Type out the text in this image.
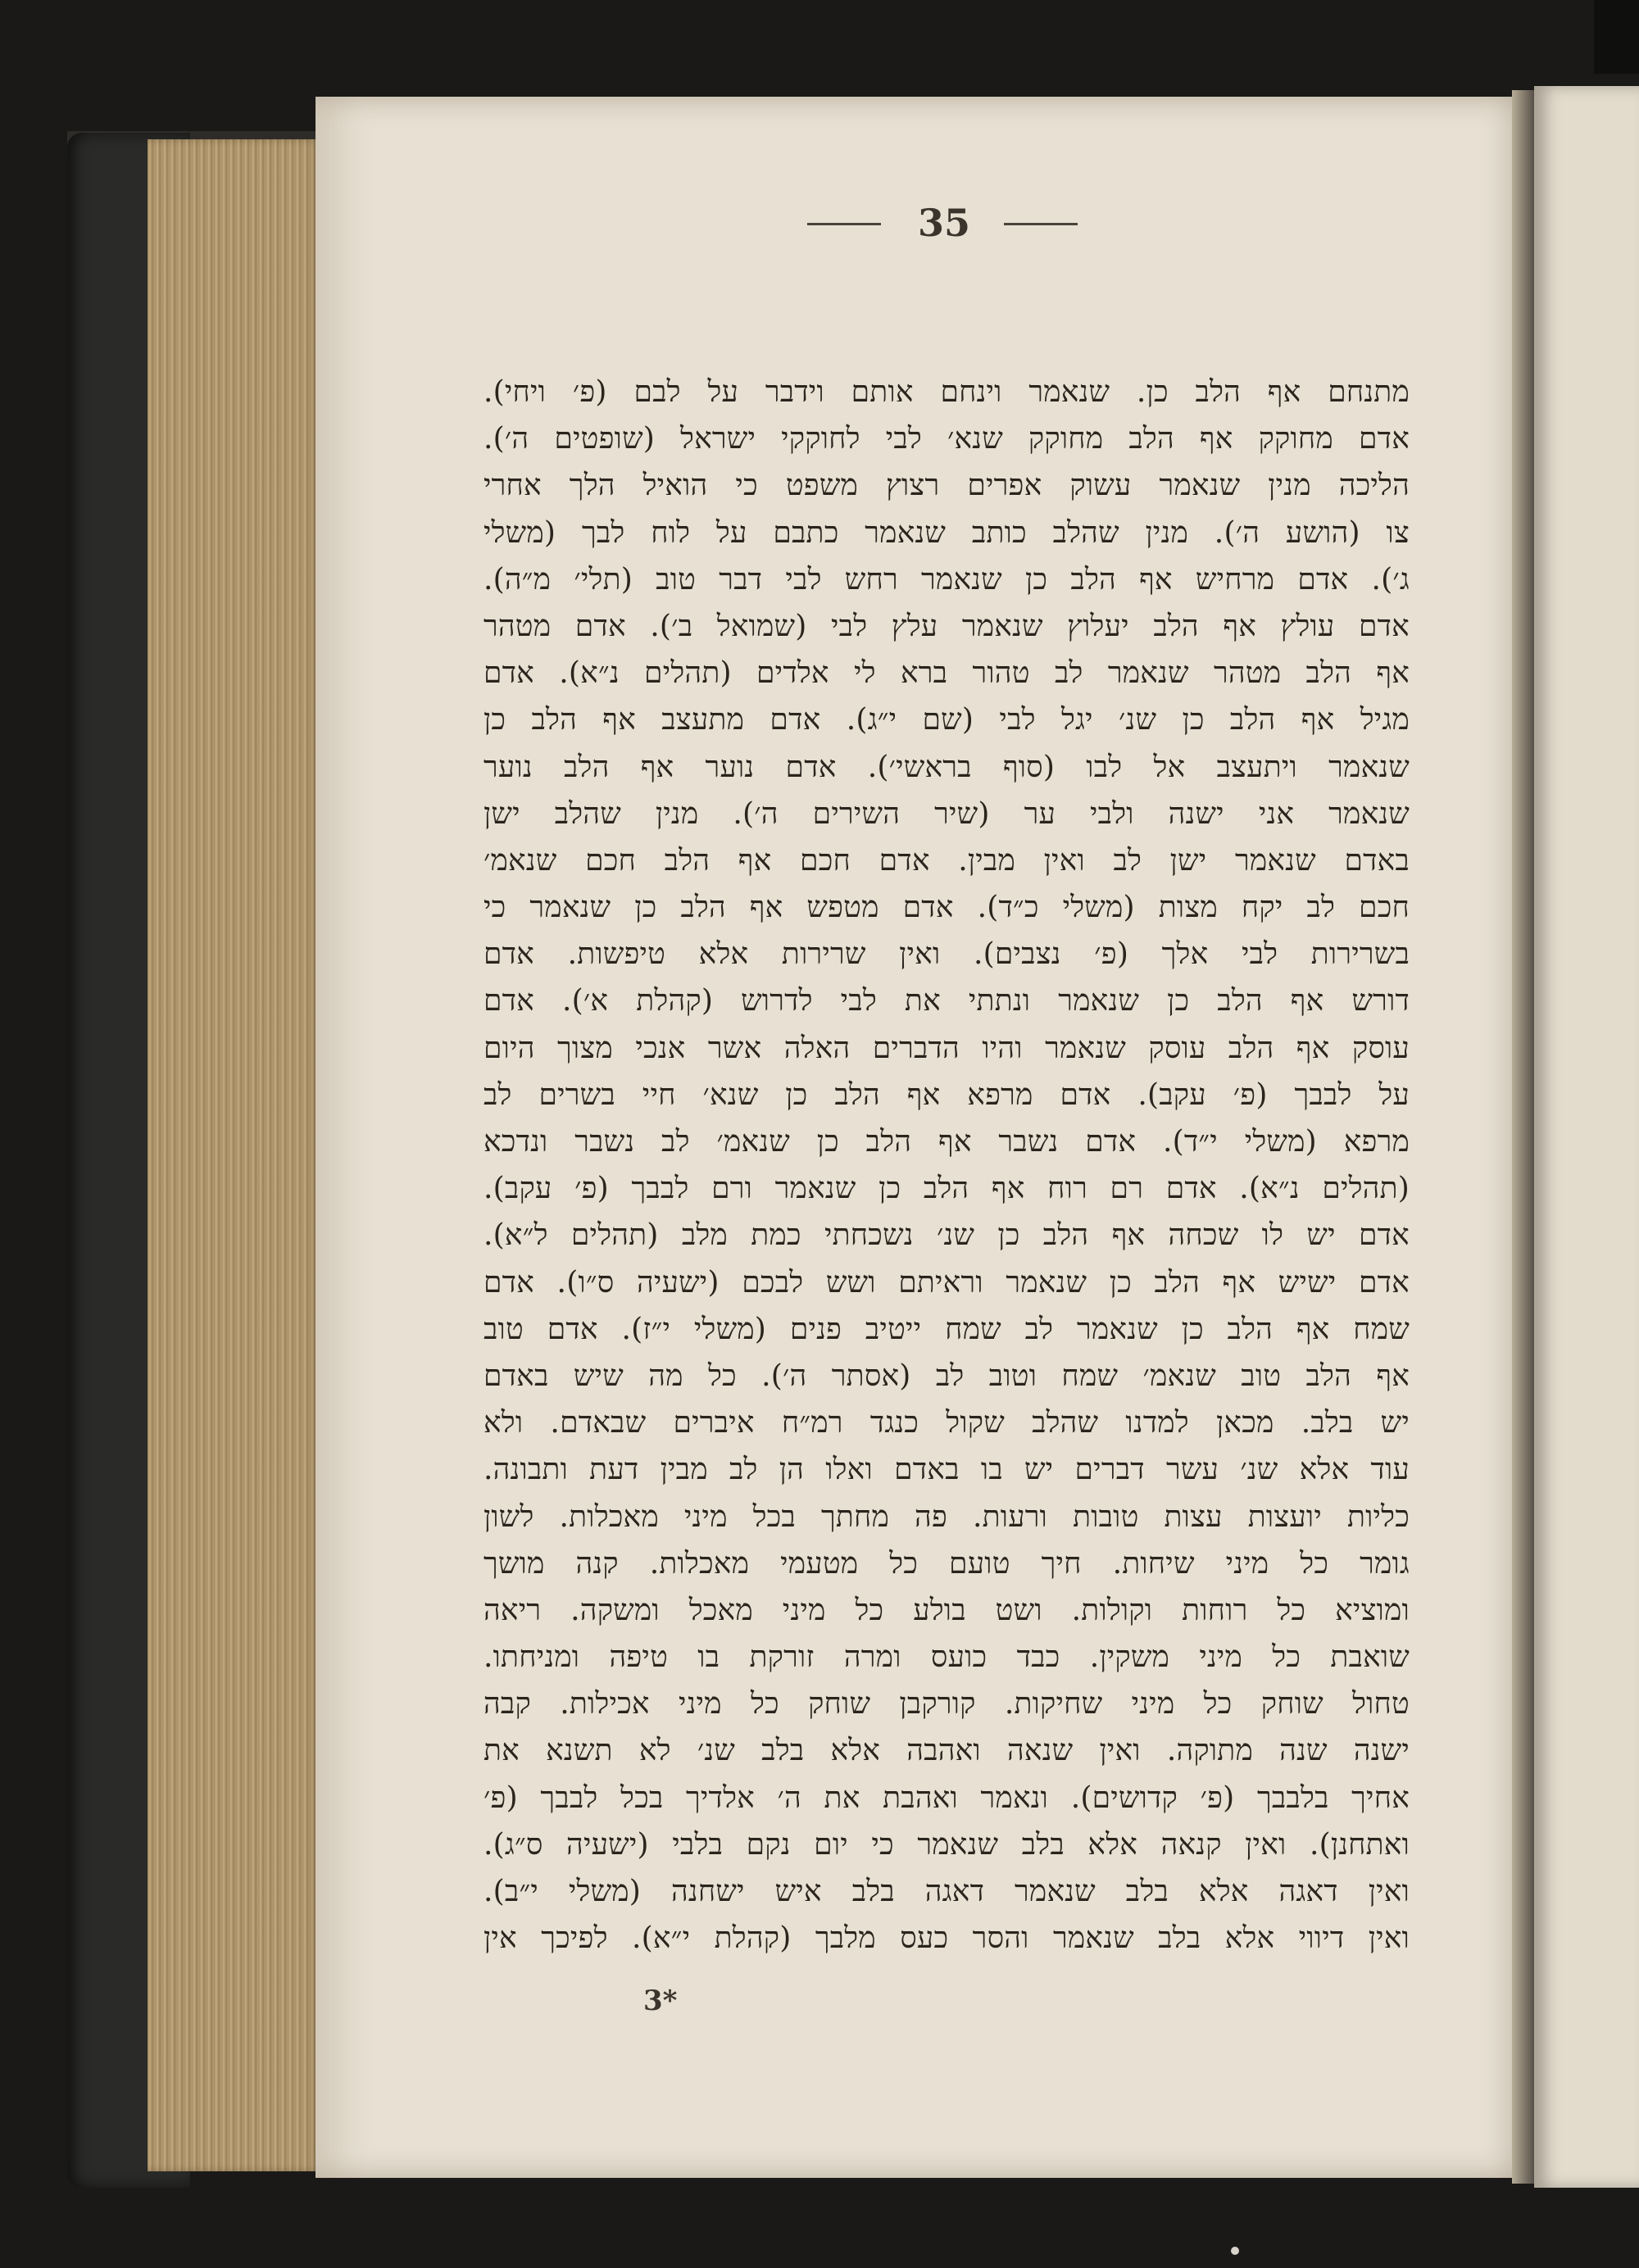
35
מתנחם אף הלב כן. שנאמר וינחם אותם וידבר על לבם (פ׳ ויחי).
אדם מחוקק אף הלב מחוקק שנא׳ לבי לחוקקי ישראל (שופטים ה׳).
הליכה מנין שנאמר עשוק אפרים רצוץ משפט כי הואיל הלך אחרי
צו (הושע ה׳). מנין שהלב כותב שנאמר כתבם על לוח לבך (משלי
ג׳). אדם מרחיש אף הלב כן שנאמר רחש לבי דבר טוב (תלי׳ מ״ה).
אדם עולץ אף הלב יעלוץ שנאמר עלץ לבי (שמואל ב׳). אדם מטהר
אף הלב מטהר שנאמר לב טהור ברא לי אלדים (תהלים נ״א). אדם
מגיל אף הלב כן שנ׳ יגל לבי (שם י״ג). אדם מתעצב אף הלב כן
שנאמר ויתעצב אל לבו (סוף בראשי׳). אדם נוער אף הלב נוער
שנאמר אני ישנה ולבי ער (שיר השירים ה׳). מנין שהלב ישן
באדם שנאמר ישן לב ואין מבין. אדם חכם אף הלב חכם שנאמ׳
חכם לב יקח מצות (משלי כ״ד). אדם מטפש אף הלב כן שנאמר כי
בשרירות לבי אלך (פ׳ נצבים). ואין שרירות אלא טיפשות. אדם
דורש אף הלב כן שנאמר ונתתי את לבי לדרוש (קהלת א׳). אדם
עוסק אף הלב עוסק שנאמר והיו הדברים האלה אשר אנכי מצוך היום
על לבבך (פ׳ עקב). אדם מרפא אף הלב כן שנא׳ חיי בשרים לב
מרפא (משלי י״ד). אדם נשבר אף הלב כן שנאמ׳ לב נשבר ונדכא
(תהלים נ״א). אדם רם רוח אף הלב כן שנאמר ורם לבבך (פ׳ עקב).
אדם יש לו שכחה אף הלב כן שנ׳ נשכחתי כמת מלב (תהלים ל״א).
אדם ישיש אף הלב כן שנאמר וראיתם ושש לבכם (ישעיה ס״ו). אדם
שמח אף הלב כן שנאמר לב שמח ייטיב פנים (משלי י״ז). אדם טוב
אף הלב טוב שנאמ׳ שמח וטוב לב (אסתר ה׳). כל מה שיש באדם
יש בלב. מכאן למדנו שהלב שקול כנגד רמ״ח איברים שבאדם. ולא
עוד אלא שנ׳ עשר דברים יש בו באדם ואלו הן לב מבין דעת ותבונה.
כליות יועצות עצות טובות ורעות. פה מחתך בכל מיני מאכלות. לשון
גומר כל מיני שיחות. חיך טועם כל מטעמי מאכלות. קנה מושך
ומוציא כל רוחות וקולות. ושט בולע כל מיני מאכל ומשקה. ריאה
שואבת כל מיני משקין. כבד כועס ומרה זורקת בו טיפה ומניחתו.
טחול שוחק כל מיני שחיקות. קורקבן שוחק כל מיני אכילות. קבה
ישנה שנה מתוקה. ואין שנאה ואהבה אלא בלב שנ׳ לא תשנא את
אחיך בלבבך (פ׳ קדושים). ונאמר ואהבת את ה׳ אלדיך בכל לבבך (פ׳
ואתחנן). ואין קנאה אלא בלב שנאמר כי יום נקם בלבי (ישעיה ס״ג).
ואין דאגה אלא בלב שנאמר דאגה בלב איש ישחנה (משלי י״ב).
ואין דיווי אלא בלב שנאמר והסר כעס מלבך (קהלת י״א). לפיכך אין
3*
